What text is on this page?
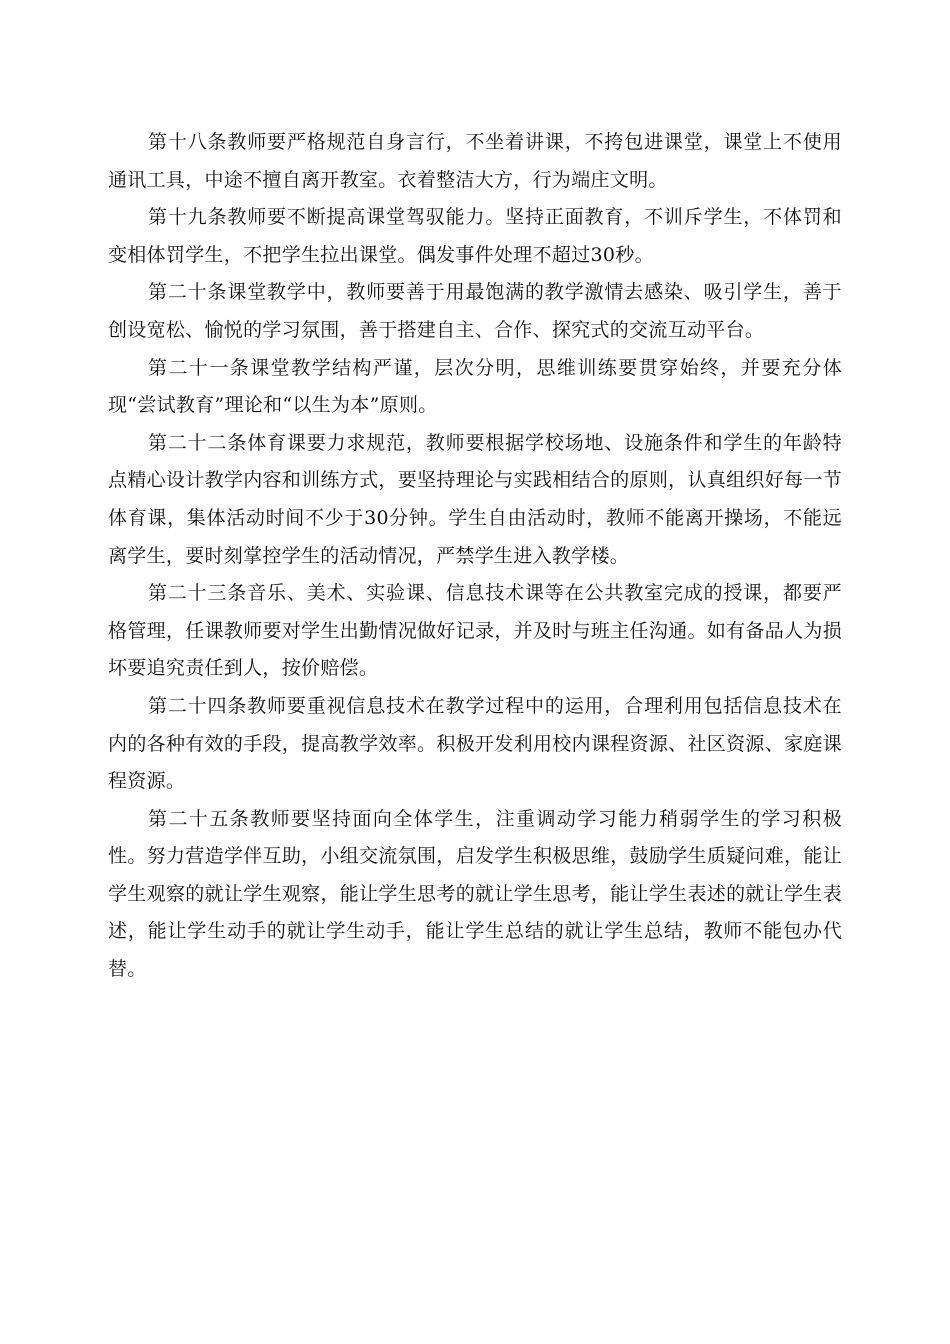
第十八条教师要严格规范自身言行，不坐着讲课，不挎包进课堂，课堂上不使用通讯工具，中途不擅自离开教室。衣着整洁大方，行为端庄文明。

第十九条教师要不断提高课堂驾驭能力。坚持正面教育，不训斥学生，不体罚和变相体罚学生，不把学生拉出课堂。偶发事件处理不超过30秒。

第二十条课堂教学中，教师要善于用最饱满的教学激情去感染、吸引学生，善于创设宽松、愉悦的学习氛围，善于搭建自主、合作、探究式的交流互动平台。

第二十一条课堂教学结构严谨，层次分明，思维训练要贯穿始终，并要充分体现“尝试教育”理论和“以生为本”原则。

第二十二条体育课要力求规范，教师要根据学校场地、设施条件和学生的年龄特点精心设计教学内容和训练方式，要坚持理论与实践相结合的原则，认真组织好每一节体育课，集体活动时间不少于30分钟。学生自由活动时，教师不能离开操场，不能远离学生，要时刻掌控学生的活动情况，严禁学生进入教学楼。

第二十三条音乐、美术、实验课、信息技术课等在公共教室完成的授课，都要严格管理，任课教师要对学生出勤情况做好记录，并及时与班主任沟通。如有备品人为损坏要追究责任到人，按价赔偿。

第二十四条教师要重视信息技术在教学过程中的运用，合理利用包括信息技术在内的各种有效的手段，提高教学效率。积极开发利用校内课程资源、社区资源、家庭课程资源。

第二十五条教师要坚持面向全体学生，注重调动学习能力稍弱学生的学习积极性。努力营造学伴互助，小组交流氛围，启发学生积极思维，鼓励学生质疑问难，能让学生观察的就让学生观察，能让学生思考的就让学生思考，能让学生表述的就让学生表述，能让学生动手的就让学生动手，能让学生总结的就让学生总结，教师不能包办代替。
